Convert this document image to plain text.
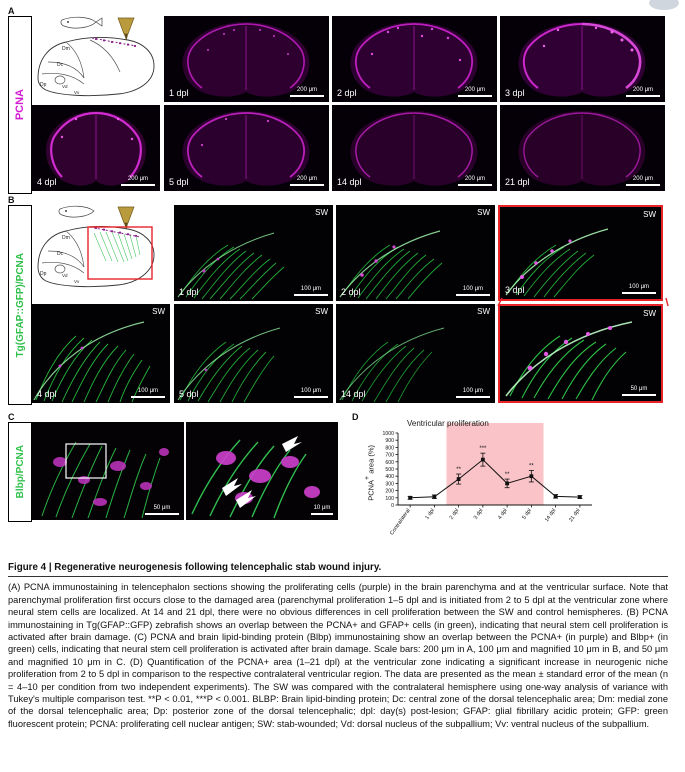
A
PCNA
Dm
Dc
Dp	Vd
Vv	1 dpl	200 μm 2 dpl	200 μm 3 dpl	200 μm
4 dpl	200 μm 5 dpl	200 μm 14 dpl	200 μm 21 dpl	200 μm
B
Tg(GFAP::GFP)/PCNA
Dm
Dc
Dp	Vd
Vv
1 dpl
SW
100 μm 2 dpl
SW
100 μm 3 dpl
SW
100 μm
4 dpl
SW
100 μm 5 dpl
SW
100 μm 14 dpl
SW
100 μm
SW
50 μm
C
Blbp/PCNA
50 μm	10 μm
D
Ventricular proliferation
PCNA+ area (%)
0
100
200
300
400
500
600
700
800
900
1000
Contralateral 1 dpl 2 dpl 3 dpl 4 dpl 5 dpl 14 dpl 21 dpl
**
***
**
**
Figure 4 | Regenerative neurogenesis following telencephalic stab wound injury.
(A) PCNA immunostaining in telencephalon sections showing the proliferating cells (purple) in the brain parenchyma and at the ventricular surface. Note that parenchymal proliferation first occurs close to the damaged area (parenchymal proliferation 1–5 dpl and is initiated from 2 to 5 dpl at the ventricular zone where neural stem cells are localized. At 14 and 21 dpl, there were no obvious differences in cell proliferation between the SW and control hemispheres. (B) PCNA immunostaining in Tg(GFAP::GFP) zebrafish shows an overlap between the PCNA+ and GFAP+ cells (in green), indicating that neural stem cell proliferation is activated after brain damage. (C) PCNA and brain lipid-binding protein (Blbp) immunostaining show an overlap between the PCNA+ (in purple) and Blbp+ (in green) cells, indicating that neural stem cell proliferation is activated after brain damage. Scale bars: 200 μm in A, 100 μm and magnified 10 μm in B, and 50 μm and magnified 10 μm in C. (D) Quantification of the PCNA+ area (1–21 dpl) at the ventricular zone indicating a significant increase in neurogenic niche proliferation from 2 to 5 dpl in comparison to the respective contralateral ventricular region. The data are presented as the mean ± standard error of the mean (n = 4–10 per condition from two independent experiments). The SW was compared with the contralateral hemisphere using one-way analysis of variance with Tukey's multiple comparison test. **P < 0.01, ***P < 0.001. BLBP: Brain lipid-binding protein; Dc: central zone of the dorsal telencephalic area; Dm: medial zone of the dorsal telencephalic area; Dp: posterior zone of the dorsal telencephalic; dpl: day(s) post-lesion; GFAP: glial fibrillary acidic protein; GFP: green fluorescent protein; PCNA: proliferating cell nuclear antigen; SW: stab-wounded; Vd: dorsal nucleus of the subpallium; Vv: ventral nucleus of the subpallium.
